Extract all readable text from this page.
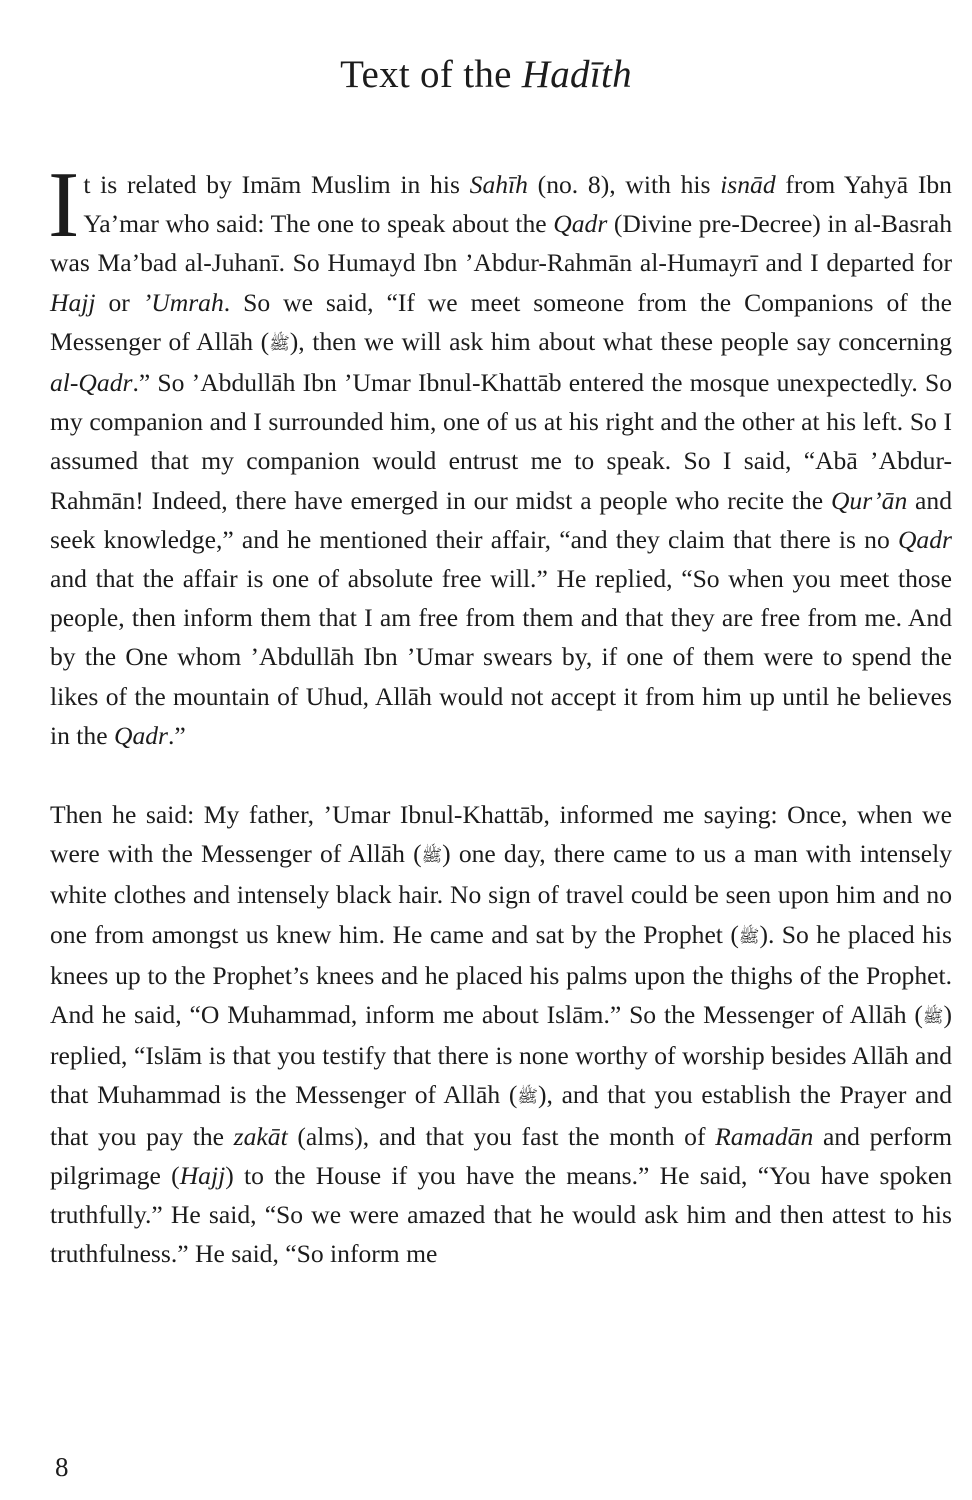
Text of the Hadīth

It is related by Imām Muslim in his Sahīh (no. 8), with his isnād from Yahyā Ibn Ya’mar who said: The one to speak about the Qadr (Divine pre-Decree) in al-Basrah was Ma’bad al-Juhanī. So Humayd Ibn ’Abdur-Rahmān al-Humayrī and I departed for Hajj or ’Umrah. So we said, “If we meet someone from the Companions of the Messenger of Allāh (ﷺ), then we will ask him about what these people say concerning al-Qadr.” So ’Abdullāh Ibn ’Umar Ibnul-Khattāb entered the mosque unexpectedly. So my companion and I surrounded him, one of us at his right and the other at his left. So I assumed that my companion would entrust me to speak. So I said, “Abā ’Abdur-Rahmān! Indeed, there have emerged in our midst a people who recite the Qur’ān and seek knowledge,” and he mentioned their affair, “and they claim that there is no Qadr and that the affair is one of absolute free will.” He replied, “So when you meet those people, then inform them that I am free from them and that they are free from me. And by the One whom ’Abdullāh Ibn ’Umar swears by, if one of them were to spend the likes of the mountain of Uhud, Allāh would not accept it from him up until he believes in the Qadr.”

Then he said: My father, ’Umar Ibnul-Khattāb, informed me saying: Once, when we were with the Messenger of Allāh (ﷺ) one day, there came to us a man with intensely white clothes and intensely black hair. No sign of travel could be seen upon him and no one from amongst us knew him. He came and sat by the Prophet (ﷺ). So he placed his knees up to the Prophet’s knees and he placed his palms upon the thighs of the Prophet. And he said, “O Muhammad, inform me about Islām.” So the Messenger of Allāh (ﷺ) replied, “Islām is that you testify that there is none worthy of worship besides Allāh and that Muhammad is the Messenger of Allāh (ﷺ), and that you establish the Prayer and that you pay the zakāt (alms), and that you fast the month of Ramadān and perform pilgrimage (Hajj) to the House if you have the means.” He said, “You have spoken truthfully.” He said, “So we were amazed that he would ask him and then attest to his truthfulness.” He said, “So inform me

8
